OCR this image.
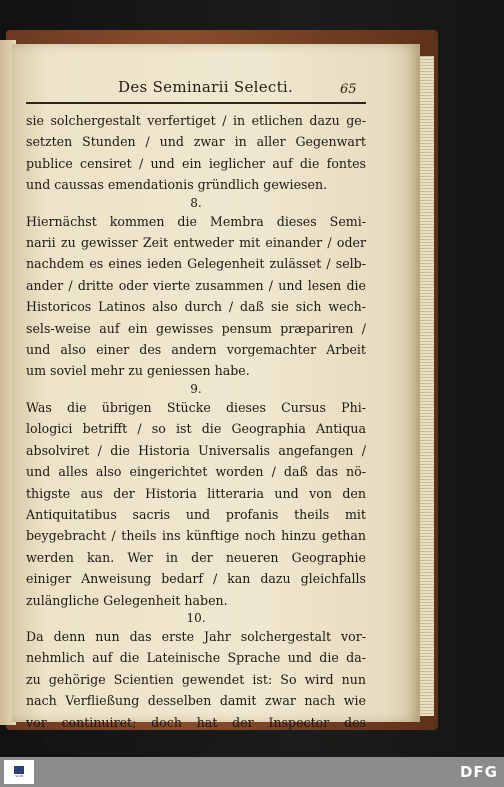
Des Seminarii Selecti.	65
sie solchergestalt verfertiget / in etlichen dazu ge-
setzten Stunden / und zwar in aller Gegenwart
publice censiret / und ein ieglicher auf die fontes
und caussas emendationis gründlich gewiesen.
8.
Hiernächst kommen die Membra dieses Semi-
narii zu gewisser Zeit entweder mit einander / oder
nachdem es eines ieden Gelegenheit zulässet / selb-
ander / dritte oder vierte zusammen / und lesen die
Historicos Latinos also durch / daß sie sich wech-
sels-weise auf ein gewisses pensum præpariren /
und also einer des andern vorgemachter Arbeit
um soviel mehr zu geniessen habe.
9.
Was die übrigen Stücke dieses Cursus Phi-
lologici betrifft / so ist die Geographia Antiqua
absolviret / die Historia Universalis angefangen /
und alles also eingerichtet worden / daß das nö-
thigste aus der Historia litteraria und von den
Antiquitatibus sacris und profanis theils mit
beygebracht / theils ins künftige noch hinzu gethan
werden kan. Wer in der neueren Geographie
einiger Anweisung bedarf / kan dazu gleichfalls
zulängliche Gelegenheit haben.
10.
Da denn nun das erste Jahr solchergestalt vor-
nehmlich auf die Lateinische Sprache und die da-
zu gehörige Scientien gewendet ist: So wird nun
nach Verfließung desselben damit zwar nach wie
vor continuiret; doch hat der Inspector des
V. Fortsetz.	E	Pæda-
SLUB	DFG
